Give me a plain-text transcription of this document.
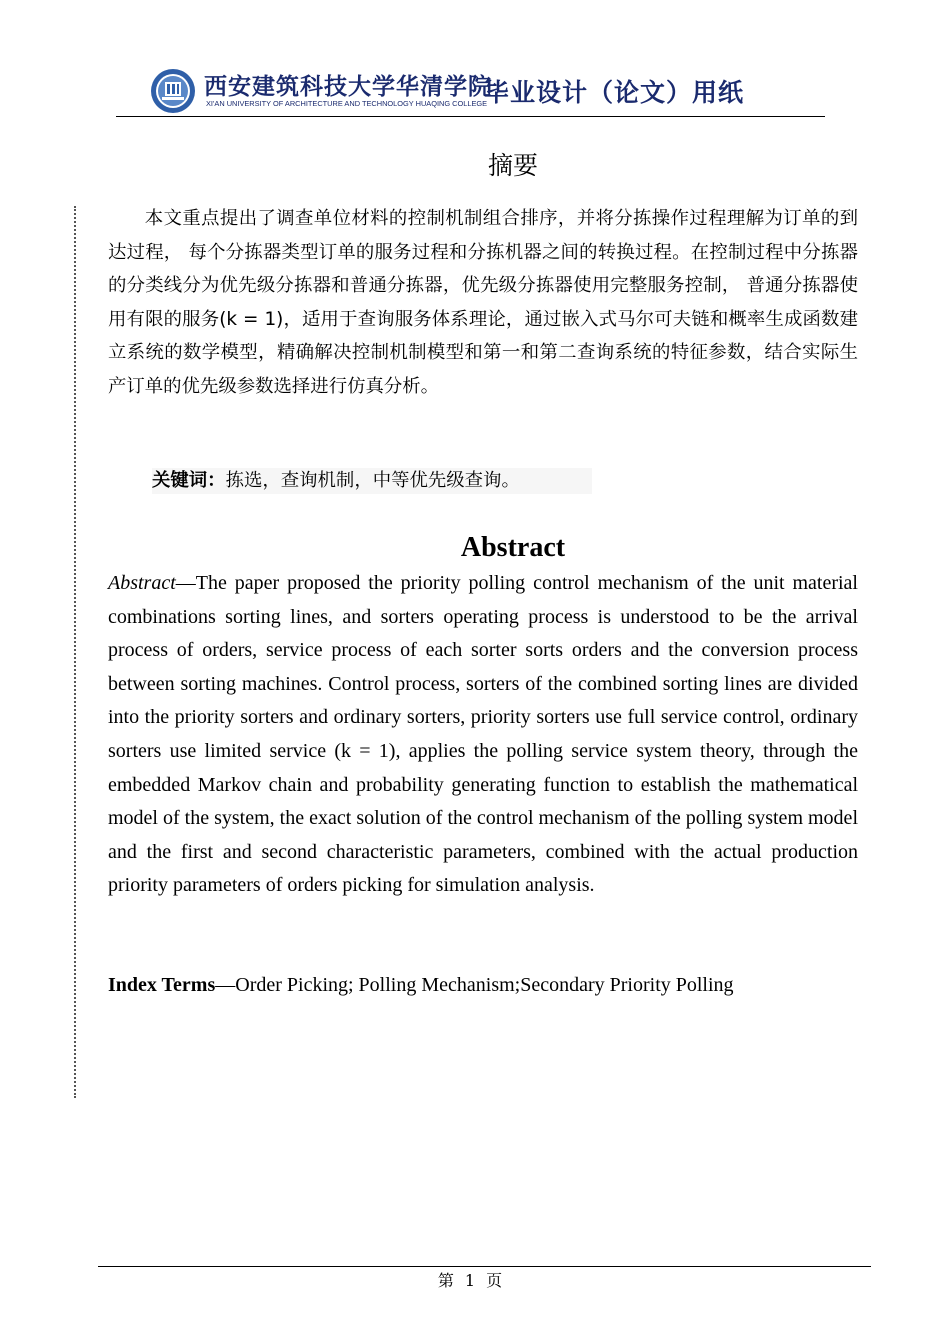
西安建筑科技大学华清学院
XI'AN UNIVERSITY OF ARCHITECTURE AND TECHNOLOGY HUAQING COLLEGE
毕业设计（论文）用纸
摘要

本文重点提出了调查单位材料的控制机制组合排序，并将分拣操作过程理解为订单的到达过程， 每个分拣器类型订单的服务过程和分拣机器之间的转换过程。在控制过程中分拣器的分类线分为优先级分拣器和普通分拣器，优先级分拣器使用完整服务控制， 普通分拣器使用有限的服务(k = 1)，适用于查询服务体系理论，通过嵌入式马尔可夫链和概率生成函数建立系统的数学模型，精确解决控制机制模型和第一和第二查询系统的特征参数，结合实际生产订单的优先级参数选择进行仿真分析。

关键词：拣选，查询机制，中等优先级查询。
Abstract

Abstract—The paper proposed the priority polling control mechanism of the unit material combinations sorting lines, and sorters operating process is understood to be the arrival process of orders, service process of each sorter sorts orders and the conversion process between sorting machines. Control process, sorters of the combined sorting lines are divided into the priority sorters and ordinary sorters, priority sorters use full service control, ordinary sorters use limited service (k = 1), applies the polling service system theory, through the embedded Markov chain and probability generating function to establish the mathematical model of the system, the exact solution of the control mechanism of the polling system model and the first and second characteristic parameters, combined with the actual production priority parameters of orders picking for simulation analysis.

Index Terms—Order Picking; Polling Mechanism;Secondary Priority Polling
第 1 页
